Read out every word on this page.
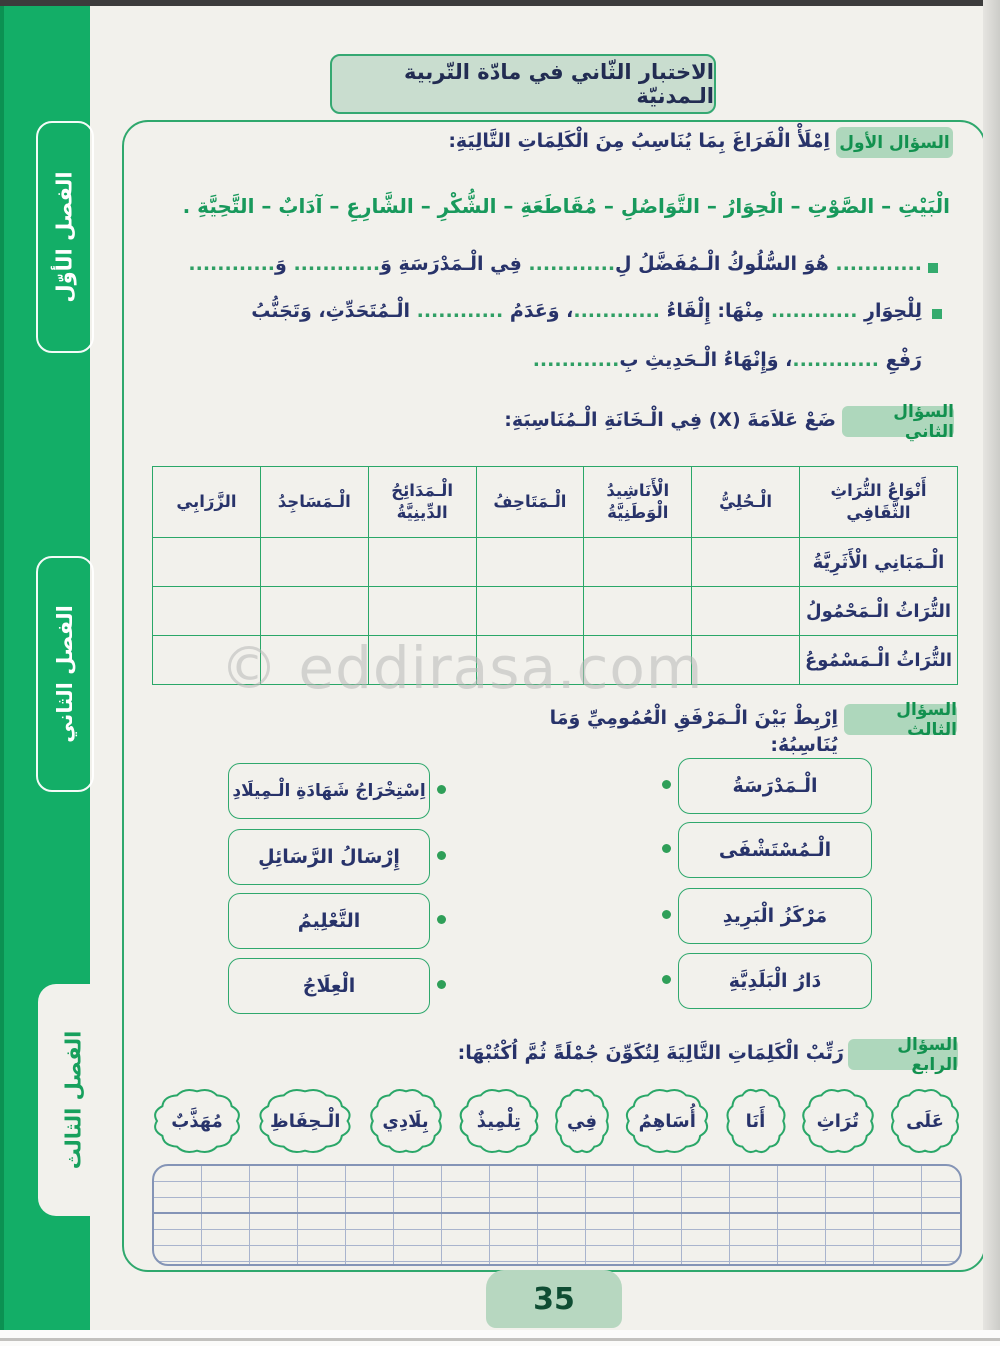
الفصل الأوّل
الفصل الثاني
الفصل الثالث
الاختبار الثّاني في مادّة التّربية الـمدنيّة
السؤال الأول
اِمْلَأْ الْفَرَاغَ بِمَا يُنَاسِبُ مِنَ الْكَلِمَاتِ التَّالِيَةِ:
الْبَيْتِ – الصَّوْتِ – الْحِوَارُ – التَّوَاصُلِ – مُقَاطَعَةِ – الشُّكْرِ – الشَّارِعِ – آدَابٌ – التَّحِيَّةِ .
............ هُوَ السُّلُوكُ الْـمُفَضَّلُ لِ............ فِي الْـمَدْرَسَةِ وَ............ وَ............
لِلْحِوَارِ ............ مِنْهَا: إِلْقَاءُ ............، وَعَدَمُ ............ الْـمُتَحَدِّثِ، وَتَجَنُّبُ
رَفْعِ ............، وَإِنْهَاءُ الْـحَدِيثِ بِ............
السؤال الثاني
ضَعْ عَلاَمَةَ (X) فِي الْـخَانَةِ الْـمُنَاسِبَةِ:
أَنْوَاعُ التُّرَاثِ الثَّقَافِي	الْـحُلِيُّ	الْأَنَاشِيدُ الْوَطَنِيَّةُ	الْـمَتَاحِفُ	الْـمَدَائِحُ الدِّينِيَّةُ	الْـمَسَاجِدُ	الزَّرَابِي
الْـمَبَانِي الْأَثَرِيَّةُ						
التُّرَاثُ الْـمَحْمُولُ						
التُّرَاثُ الْـمَسْمُوعُ						
© eddirasa.com
السؤال الثالث
اِرْبِطْ بَيْنَ الْـمَرْفَقِ الْعُمُومِيِّ وَمَا يُنَاسِبُهُ:
الْـمَدْرَسَةُ
الْـمُسْتَشْفَى
مَرْكَزُ الْبَرِيدِ
دَارُ الْبَلَدِيَّةِ
اِسْتِخْرَاجُ شَهَادَةِ الْـمِيلَادِ
إِرْسَالُ الرَّسَائِلِ
التَّعْلِيمُ
الْعِلَاجُ
السؤال الرابع
رَتِّبْ الْكَلِمَاتِ التَّالِيَةَ لِتُكَوِّنَ جُمْلَةً ثُمَّ اُكْتُبْهَا:
عَلَى
تُرَاثِ
أَنَا
أُسَاهِمُ
فِي
تِلْمِيذٌ
بِلَادِي
الْـحِفَاظِ
مُهَذَّبٌ
35
